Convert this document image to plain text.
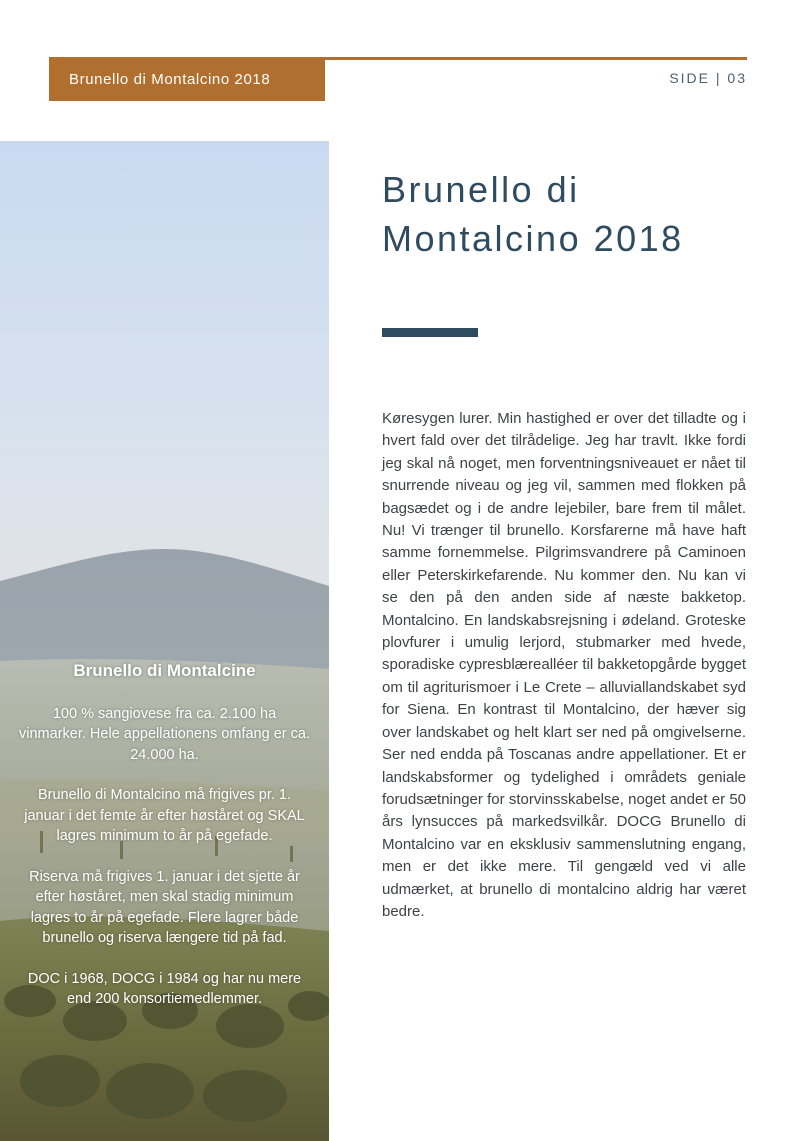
Brunello di Montalcino 2018	SIDE | 03
Brunello di Montalcine

100 % sangiovese fra ca. 2.100 ha vinmarker. Hele appellationens omfang er ca. 24.000 ha.

Brunello di Montalcino må frigives pr. 1. januar i det femte år efter høståret og SKAL lagres minimum to år på egefade.

Riserva må frigives 1. januar i det sjette år efter høståret, men skal stadig minimum lagres to år på egefade. Flere lagrer både brunello og riserva længere tid på fad.

DOC i 1968, DOCG i 1984 og har nu mere end 200 konsortiemedlemmer.

Brunello di Montalcino 2018

Køresygen lurer. Min hastighed er over det tilladte og i hvert fald over det tilrådelige. Jeg har travlt. Ikke fordi jeg skal nå noget, men forventningsniveauet er nået til snurrende niveau og jeg vil, sammen med flokken på bagsædet og i de andre lejebiler, bare frem til målet. Nu! Vi trænger til brunello. Korsfarerne må have haft samme fornemmelse. Pilgrimsvandrere på Caminoen eller Peterskirkefarende. Nu kommer den. Nu kan vi se den på den anden side af næste bakketop. Montalcino. En landskabsrejsning i ødeland. Groteske plovfurer i umulig lerjord, stubmarker med hvede, sporadiske cypresblærealléer til bakketopgårde bygget om til agriturismoer i Le Crete – alluviallandskabet syd for Siena. En kontrast til Montalcino, der hæver sig over landskabet og helt klart ser ned på omgivelserne. Ser ned endda på Toscanas andre appellationer. Et er landskabsformer og tydelighed i områdets geniale forudsætninger for storvinsskabelse, noget andet er 50 års lynsucces på markedsvilkår. DOCG Brunello di Montalcino var en eksklusiv sammenslutning engang, men er det ikke mere. Til gengæld ved vi alle udmærket, at brunello di montalcino aldrig har været bedre.
